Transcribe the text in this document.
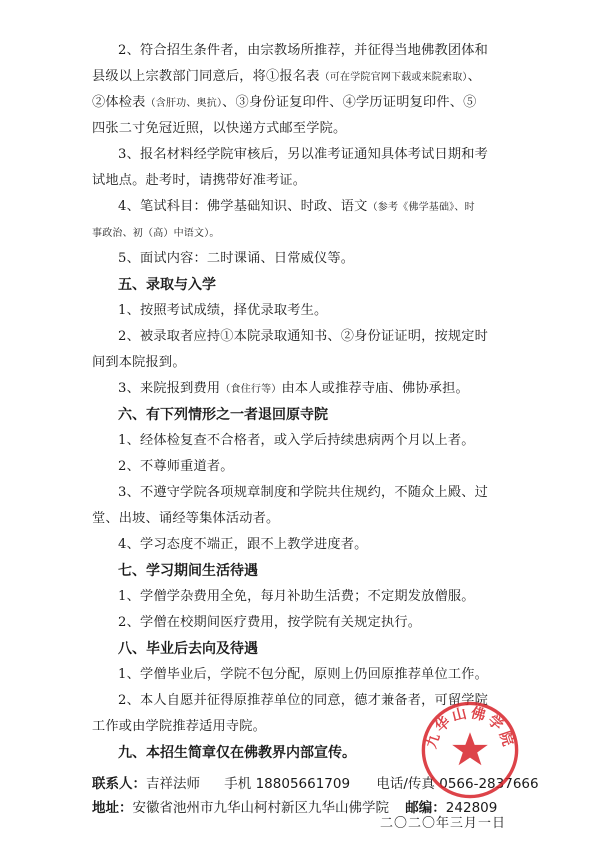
2、符合招生条件者，由宗教场所推荐，并征得当地佛教团体和
县级以上宗教部门同意后，将①报名表（可在学院官网下载或来院索取）、
②体检表（含肝功、奥抗）、③身份证复印件、④学历证明复印件、⑤
四张二寸免冠近照，以快递方式邮至学院。
3、报名材料经学院审核后，另以准考证通知具体考试日期和考
试地点。赴考时，请携带好准考证。
4、笔试科目：佛学基础知识、时政、语文（参考《佛学基础》、时
事政治、初（高）中语文）。
5、面试内容：二时课诵、日常威仪等。
五、录取与入学
1、按照考试成绩，择优录取考生。
2、被录取者应持①本院录取通知书、②身份证证明，按规定时
间到本院报到。
3、来院报到费用（食住行等）由本人或推荐寺庙、佛协承担。
六、有下列情形之一者退回原寺院
1、经体检复查不合格者，或入学后持续患病两个月以上者。
2、不尊师重道者。
3、不遵守学院各项规章制度和学院共住规约，不随众上殿、过
堂、出坡、诵经等集体活动者。
4、学习态度不端正，跟不上教学进度者。
七、学习期间生活待遇
1、学僧学杂费用全免，每月补助生活费；不定期发放僧服。
2、学僧在校期间医疗费用，按学院有关规定执行。
八、毕业后去向及待遇
1、学僧毕业后，学院不包分配，原则上仍回原推荐单位工作。
2、本人自愿并征得原推荐单位的同意，德才兼备者，可留学院
工作或由学院推荐适用寺院。
九、本招生简章仅在佛教界内部宣传。
联系人：吉祥法师 手机 18805661709 电话/传真 0566-2837666
地址：安徽省池州市九华山柯村新区九华山佛学院 邮编：242809
九华山佛学院
二〇二〇年三月一日
